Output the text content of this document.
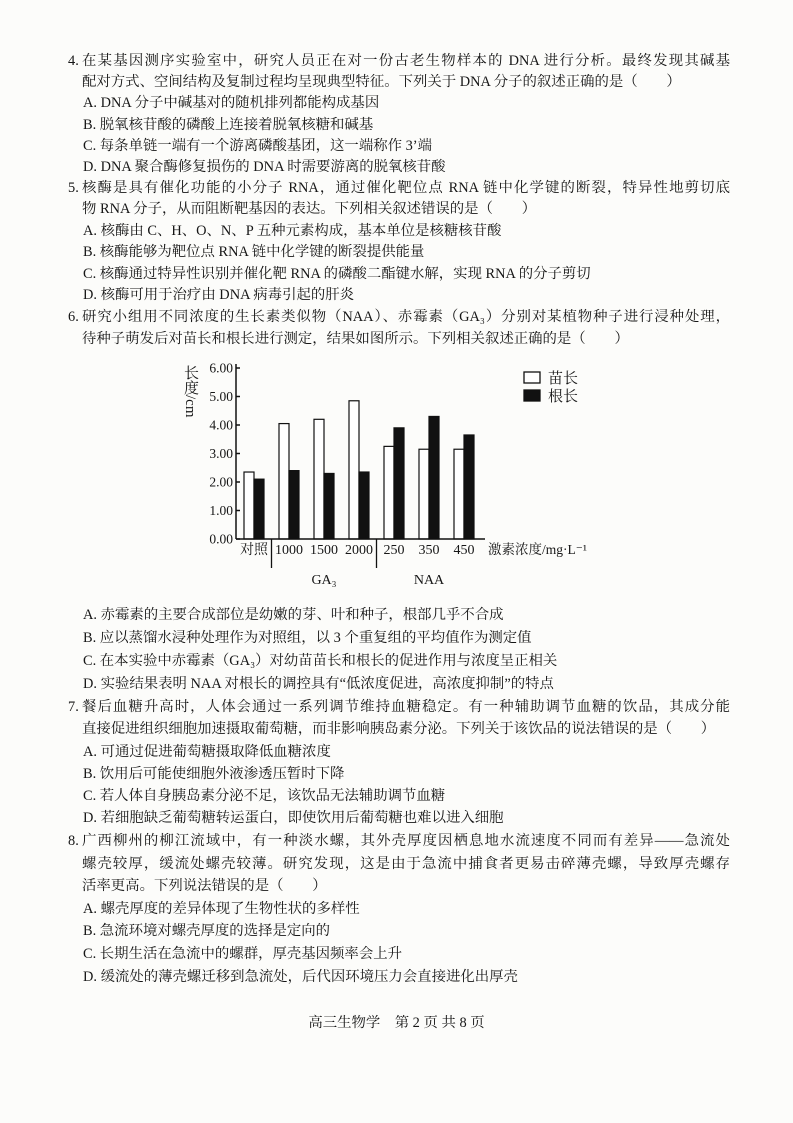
4. 在某基因测序实验室中，研究人员正在对一份古老生物样本的 DNA 进行分析。最终发现其碱基
配对方式、空间结构及复制过程均呈现典型特征。下列关于 DNA 分子的叙述正确的是（　　）
A. DNA 分子中碱基对的随机排列都能构成基因
B. 脱氧核苷酸的磷酸上连接着脱氧核糖和碱基
C. 每条单链一端有一个游离磷酸基团，这一端称作 3’端
D. DNA 聚合酶修复损伤的 DNA 时需要游离的脱氧核苷酸
5. 核酶是具有催化功能的小分子 RNA，通过催化靶位点 RNA 链中化学键的断裂，特异性地剪切底
物 RNA 分子，从而阻断靶基因的表达。下列相关叙述错误的是（　　）
A. 核酶由 C、H、O、N、P 五种元素构成，基本单位是核糖核苷酸
B. 核酶能够为靶位点 RNA 链中化学键的断裂提供能量
C. 核酶通过特异性识别并催化靶 RNA 的磷酸二酯键水解，实现 RNA 的分子剪切
D. 核酶可用于治疗由 DNA 病毒引起的肝炎
6. 研究小组用不同浓度的生长素类似物（NAA）、赤霉素（GA₃）分别对某植物种子进行浸种处理，
待种子萌发后对苗长和根长进行测定，结果如图所示。下列相关叙述正确的是（　　）
长度/cm
0.00
1.00
2.00
3.00
4.00
5.00
6.00
对照 1000 1500 2000 250 350 450
GA₃	NAA
苗长
根长
激素浓度/mg·L⁻¹
A. 赤霉素的主要合成部位是幼嫩的芽、叶和种子，根部几乎不合成
B. 应以蒸馏水浸种处理作为对照组，以 3 个重复组的平均值作为测定值
C. 在本实验中赤霉素（GA₃）对幼苗苗长和根长的促进作用与浓度呈正相关
D. 实验结果表明 NAA 对根长的调控具有“低浓度促进，高浓度抑制”的特点
7. 餐后血糖升高时，人体会通过一系列调节维持血糖稳定。有一种辅助调节血糖的饮品，其成分能
直接促进组织细胞加速摄取葡萄糖，而非影响胰岛素分泌。下列关于该饮品的说法错误的是（　　）
A. 可通过促进葡萄糖摄取降低血糖浓度
B. 饮用后可能使细胞外液渗透压暂时下降
C. 若人体自身胰岛素分泌不足，该饮品无法辅助调节血糖
D. 若细胞缺乏葡萄糖转运蛋白，即使饮用后葡萄糖也难以进入细胞
8. 广西柳州的柳江流域中，有一种淡水螺，其外壳厚度因栖息地水流速度不同而有差异——急流处
螺壳较厚，缓流处螺壳较薄。研究发现，这是由于急流中捕食者更易击碎薄壳螺，导致厚壳螺存
活率更高。下列说法错误的是（　　）
A. 螺壳厚度的差异体现了生物性状的多样性
B. 急流环境对螺壳厚度的选择是定向的
C. 长期生活在急流中的螺群，厚壳基因频率会上升
D. 缓流处的薄壳螺迁移到急流处，后代因环境压力会直接进化出厚壳
高三生物学　第 2 页 共 8 页
